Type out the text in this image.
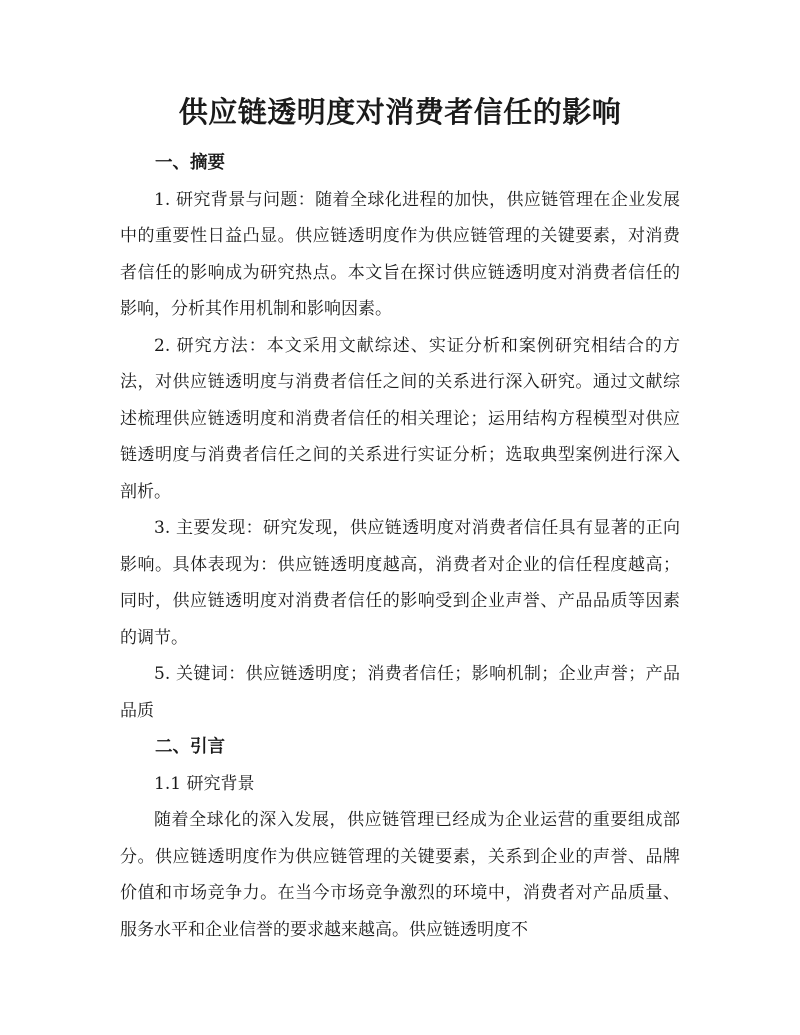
供应链透明度对消费者信任的影响

一、摘要

1. 研究背景与问题：随着全球化进程的加快，供应链管理在企业发展中的重要性日益凸显。供应链透明度作为供应链管理的关键要素，对消费者信任的影响成为研究热点。本文旨在探讨供应链透明度对消费者信任的影响，分析其作用机制和影响因素。

2. 研究方法：本文采用文献综述、实证分析和案例研究相结合的方法，对供应链透明度与消费者信任之间的关系进行深入研究。通过文献综述梳理供应链透明度和消费者信任的相关理论；运用结构方程模型对供应链透明度与消费者信任之间的关系进行实证分析；选取典型案例进行深入剖析。

3. 主要发现：研究发现，供应链透明度对消费者信任具有显著的正向影响。具体表现为：供应链透明度越高，消费者对企业的信任程度越高；同时，供应链透明度对消费者信任的影响受到企业声誉、产品品质等因素的调节。

5. 关键词：供应链透明度；消费者信任；影响机制；企业声誉；产品品质

二、引言

1.1 研究背景

随着全球化的深入发展，供应链管理已经成为企业运营的重要组成部分。供应链透明度作为供应链管理的关键要素，关系到企业的声誉、品牌价值和市场竞争力。在当今市场竞争激烈的环境中，消费者对产品质量、服务水平和企业信誉的要求越来越高。供应链透明度不
